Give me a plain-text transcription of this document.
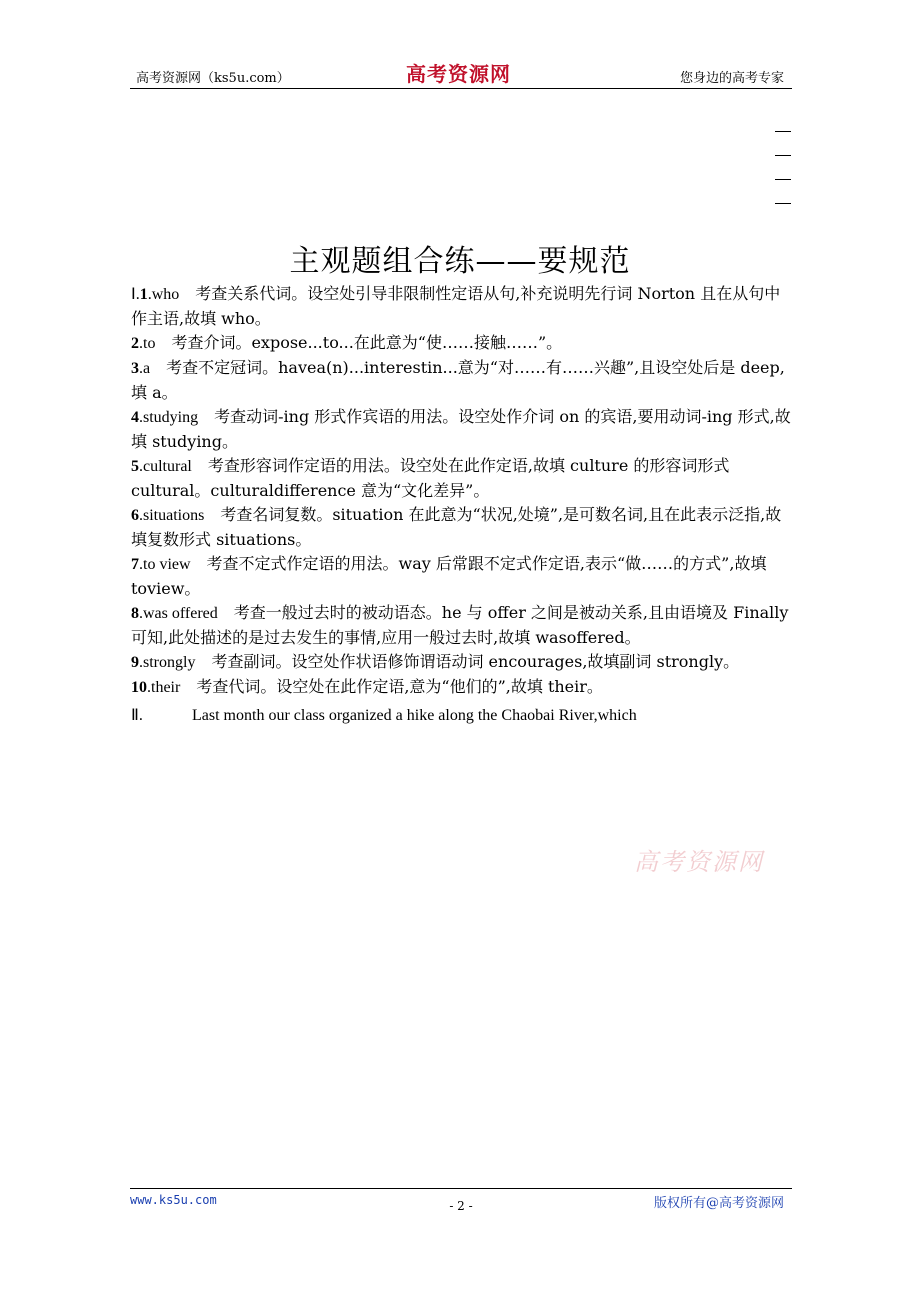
高考资源网（ks5u.com）	高考资源网	您身边的高考专家
主观题组合练——要规范

Ⅰ.1.who 考查关系代词。设空处引导非限制性定语从句,补充说明先行词 Norton 且在从句中作主语,故填 who。

2.to 考查介词。expose...to...在此意为“使……接触……”。

3.a 考查不定冠词。havea(n)...interestin...意为“对……有……兴趣”,且设空处后是 deep,填 a。

4.studying 考查动词-ing 形式作宾语的用法。设空处作介词 on 的宾语,要用动词-ing 形式,故填 studying。

5.cultural 考查形容词作定语的用法。设空处在此作定语,故填 culture 的形容词形式 cultural。culturaldifference 意为“文化差异”。

6.situations 考查名词复数。situation 在此意为“状况,处境”,是可数名词,且在此表示泛指,故填复数形式 situations。

7.to view 考查不定式作定语的用法。way 后常跟不定式作定语,表示“做……的方式”,故填 toview。

8.was offered 考查一般过去时的被动语态。he 与 offer 之间是被动关系,且由语境及 Finally 可知,此处描述的是过去发生的事情,应用一般过去时,故填 wasoffered。

9.strongly 考查副词。设空处作状语修饰谓语动词 encourages,故填副词 strongly。

10.their 考查代词。设空处在此作定语,意为“他们的”,故填 their。

Ⅱ.	Last month our class organized a hike along the Chaobai River,which

高考资源网
www.ks5u.com	- 2 -	版权所有@高考资源网
